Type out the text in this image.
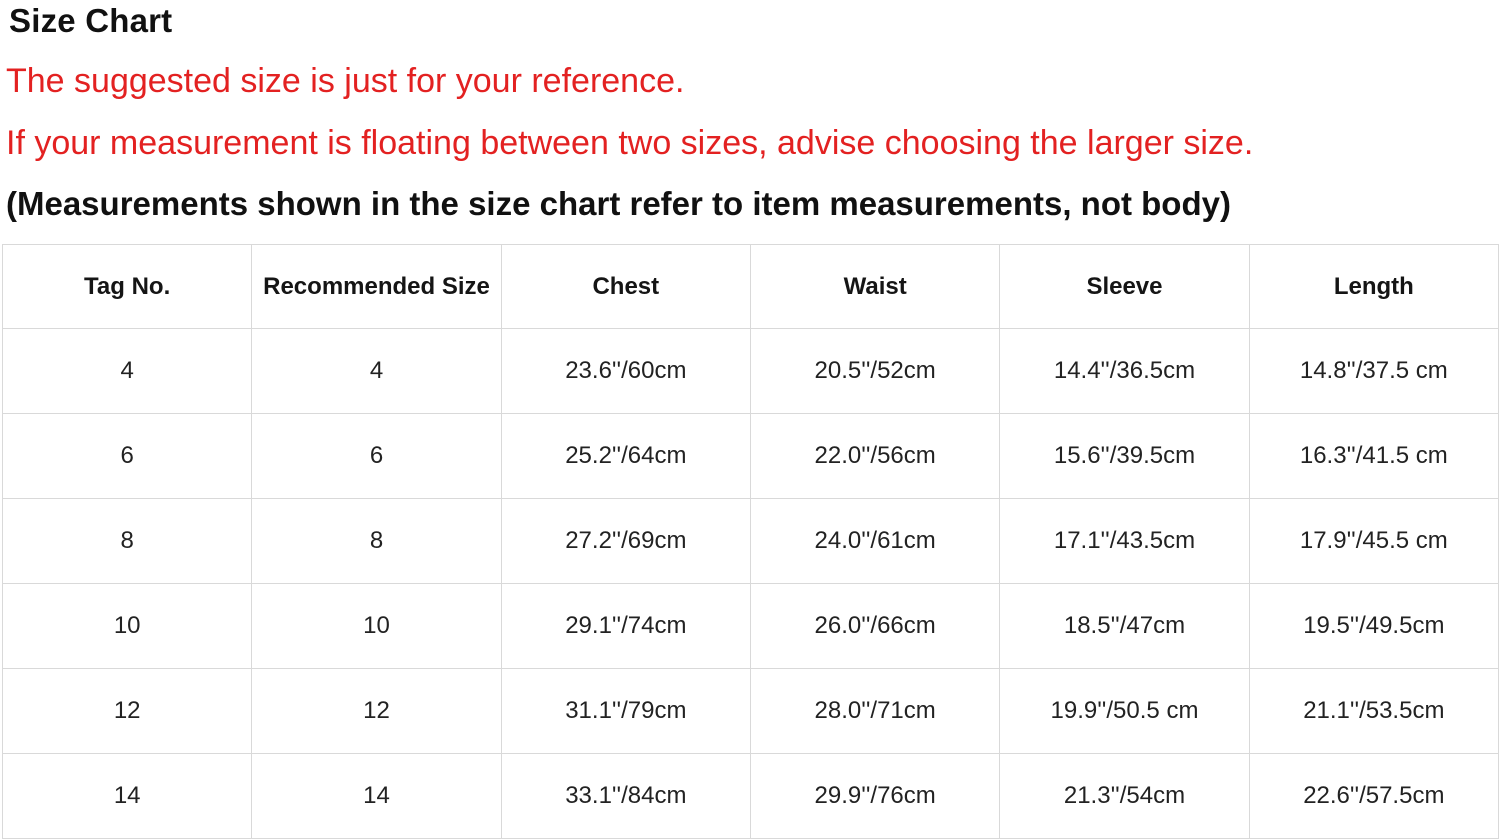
Size Chart

The suggested size is just for your reference.

If your measurement is floating between two sizes, advise choosing the larger size.

(Measurements shown in the size chart refer to item measurements, not body)

Tag No.	Recommended Size	Chest	Waist	Sleeve	Length
4	4	23.6''/60cm	20.5''/52cm	14.4''/36.5cm	14.8''/37.5 cm
6	6	25.2''/64cm	22.0''/56cm	15.6''/39.5cm	16.3''/41.5 cm
8	8	27.2''/69cm	24.0''/61cm	17.1''/43.5cm	17.9''/45.5 cm
10	10	29.1''/74cm	26.0''/66cm	18.5''/47cm	19.5''/49.5cm
12	12	31.1''/79cm	28.0''/71cm	19.9''/50.5 cm	21.1''/53.5cm
14	14	33.1''/84cm	29.9''/76cm	21.3''/54cm	22.6''/57.5cm
